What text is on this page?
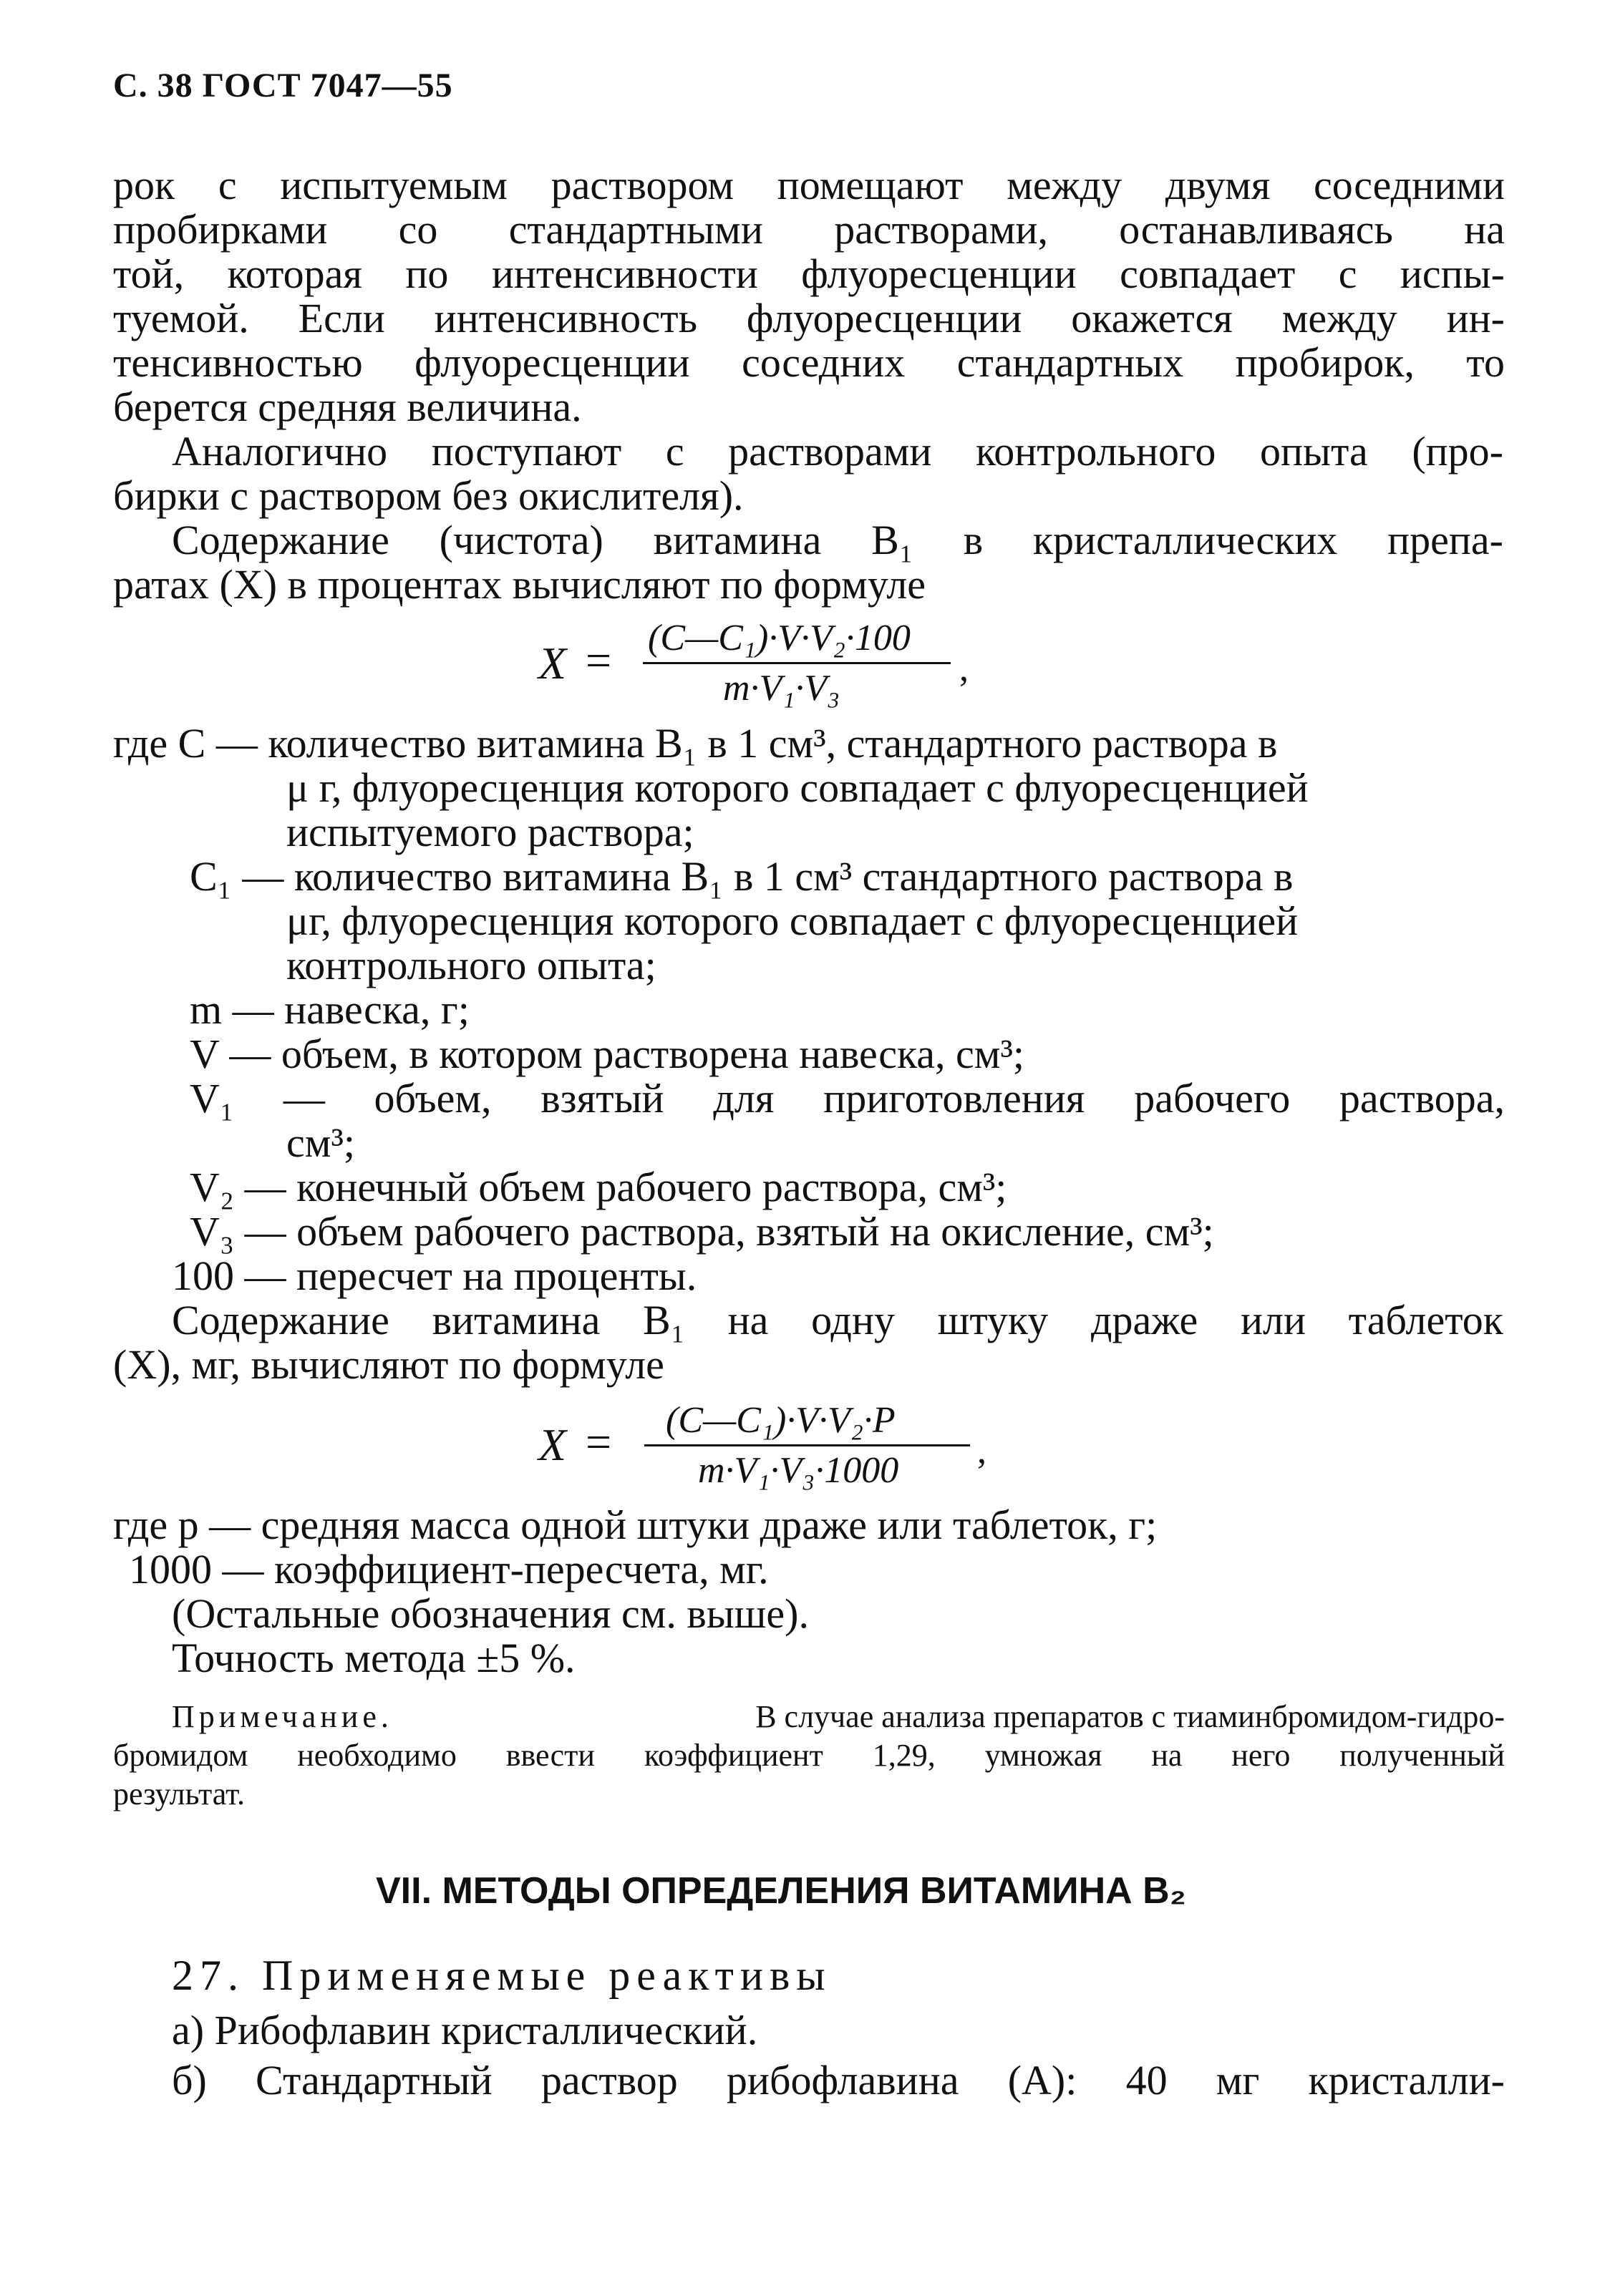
С. 38 ГОСТ 7047—55
рок с испытуемым раствором помещают между двумя соседними
пробирками со стандартными растворами, останавливаясь на
той, которая по интенсивности флуоресценции совпадает с испы-
туемой. Если интенсивность флуоресценции окажется между ин-
тенсивностью флуоресценции соседних стандартных пробирок, то
берется средняя величина.
Аналогично поступают с растворами контрольного опыта (про-
бирки с раствором без окислителя).
Содержание (чистота) витамина B₁ в кристаллических препа-
ратах (X) в процентах вычисляют по формуле
X = (C—C₁)·V·V₂·100
m·V₁·V₃	,
где C — количество витамина B₁ в 1 см³, стандартного раствора в
μ г, флуоресценция которого совпадает с флуоресценцией
испытуемого раствора;
C₁ — количество витамина B₁ в 1 см³ стандартного раствора в
μг, флуоресценция которого совпадает с флуоресценцией
контрольного опыта;
m — навеска, г;
V — объем, в котором растворена навеска, см³;
V₁ — объем, взятый для приготовления рабочего раствора,
см³;
V₂ — конечный объем рабочего раствора, см³;
V₃ — объем рабочего раствора, взятый на окисление, см³;
100 — пересчет на проценты.
Содержание витамина B₁ на одну штуку драже или таблеток
(X), мг, вычисляют по формуле
X = (C—C₁)·V·V₂·P
m·V₁·V₃·1000 ,
где p — средняя масса одной штуки драже или таблеток, г;
1000 — коэффициент-пересчета, мг.
(Остальные обозначения см. выше).
Точность метода ±5 %.
Примечание.	В случае анализа препаратов с тиаминбромидом-гидро-
бромидом необходимо ввести коэффициент 1,29, умножая на него полученный
результат.
VII. МЕТОДЫ ОПРЕДЕЛЕНИЯ ВИТАМИНА B₂
27. Применяемые реактивы
а) Рибофлавин кристаллический.
б) Стандартный раствор рибофлавина (A): 40 мг кристалли-
